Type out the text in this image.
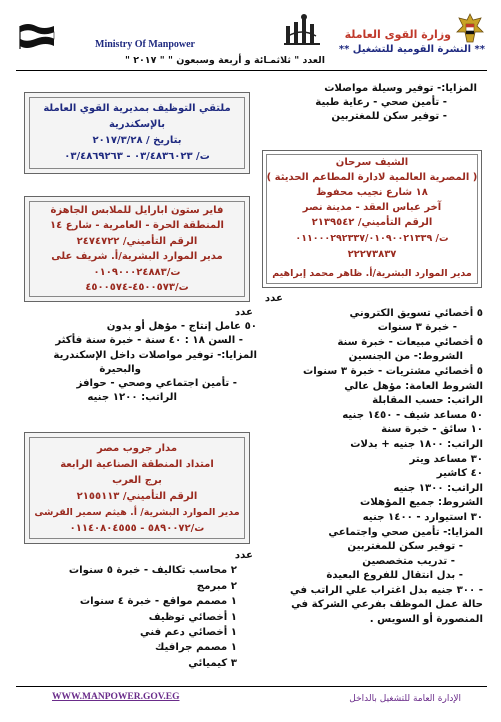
وزارة القوى العاملة
Ministry Of Manpower	** النشرة القومية للتشغيل **
العدد " ثلاثمـائة و أربعة وسبعون " " ٢٠١٧ "
المزايا:- توفير وسيلة مواصلات
- تأمين صحي - رعاية طبية
- توفير سكن للمغتربين
ملتقي التوظيف بمديرية القوي العاملة
بالإسكندرية
بتاريخ / ٢٠١٧/٣/٢٨
ت/ ٠٣/٤٨٣٦٠٢٣ - ٠٣/٤٨٦٩٢٦٣
الشيف سرحان
( المصرية العالمية لادارة المطاعم الحديثة )
١٨ شارع نجيب محفوظ
آخر عباس العقد - مدينة نصر
الرقم التأميني/ ٢١٣٩٥٤٢
ت/ ٠١١٠٠٠٢٩٢٣٣٧/٠١٠٩٠٠٢١٣٣٩
٢٢٢٧٣٨٣٧
مدير الموارد البشرية/أ. ظاهر محمد إبراهيم
فاير ستون ابارايل للملابس الجاهزة
المنطقة الحرة - العامرية - شارع ١٤
الرقم التأميني/ ٢٤٧٤٧٢٢
مدير الموارد البشرية/أ. شريف على
ت/٠١٠٩٠٠٠٢٤٨٨٣
ت/٤٥٠٠٥٧٣-٤٥٠٠٥٧٤
عدد
٥٠ عامل إنتاج - مؤهل أو بدون
- السن ١٨ : ٤٠ سنة - خبرة سنة فأكثر
المزايا:- توفير مواصلات داخل الإسكندرية
والبحيرة
- تأمين اجتماعي وصحي - حوافز
الراتب: ١٢٠٠ جنيه
عدد
٥ أخصائي تسويق الكتروني
- خبرة ٣ سنوات
٥ أخصائي مبيعات - خبرة سنة
الشروط:- من الجنسين
٥ أخصائي مشتريات - خبرة ٣ سنوات
الشروط العامة: مؤهل عالي
الراتب: حسب المقابلة
٥٠ مساعد شيف - ١٤٥٠ جنيه
١٠ سائق - خبرة سنة
الراتب: ١٨٠٠ جنيه + بدلات
٣٠ مساعد ويتر
٤٠ كاشير
الراتب: ١٣٠٠ جنيه
الشروط: جميع المؤهلات
٣٠ استيوارد - ١٤٠٠ جنيه
المزايا:- تأمين صحي واجتماعي
- توفير سكن للمغتربين
- تدريب متخصصين
- بدل انتقال للفروع البعيدة
- ٣٠٠ جنيه بدل اغتراب علي الراتب في
حالة عمل الموظف بفرعي الشركة في
المنصورة أو السويس .
مدار جروب مصر
امتداد المنطقة الصناعية الرابعة
برج العرب
الرقم التأميني/ ٢١٥٥١١٣
مدير الموارد البشرية/ أ. هيثم سمير القرشى
ت/٥٨٩٠٠٧٢ - ٠١١٤٠٨٠٤٥٥٥
عدد
٢ محاسب تكاليف - خبرة ٥ سنوات
٢ مبرمج
١ مصمم مواقع - خبرة ٤ سنوات
١ أخصائي توظيف
١ أخصائي دعم فني
١ مصمم جرافيك
٣ كيميائي
WWW.MANPOWER.GOV.EG	الإدارة العامة للتشغيل بالداخل
